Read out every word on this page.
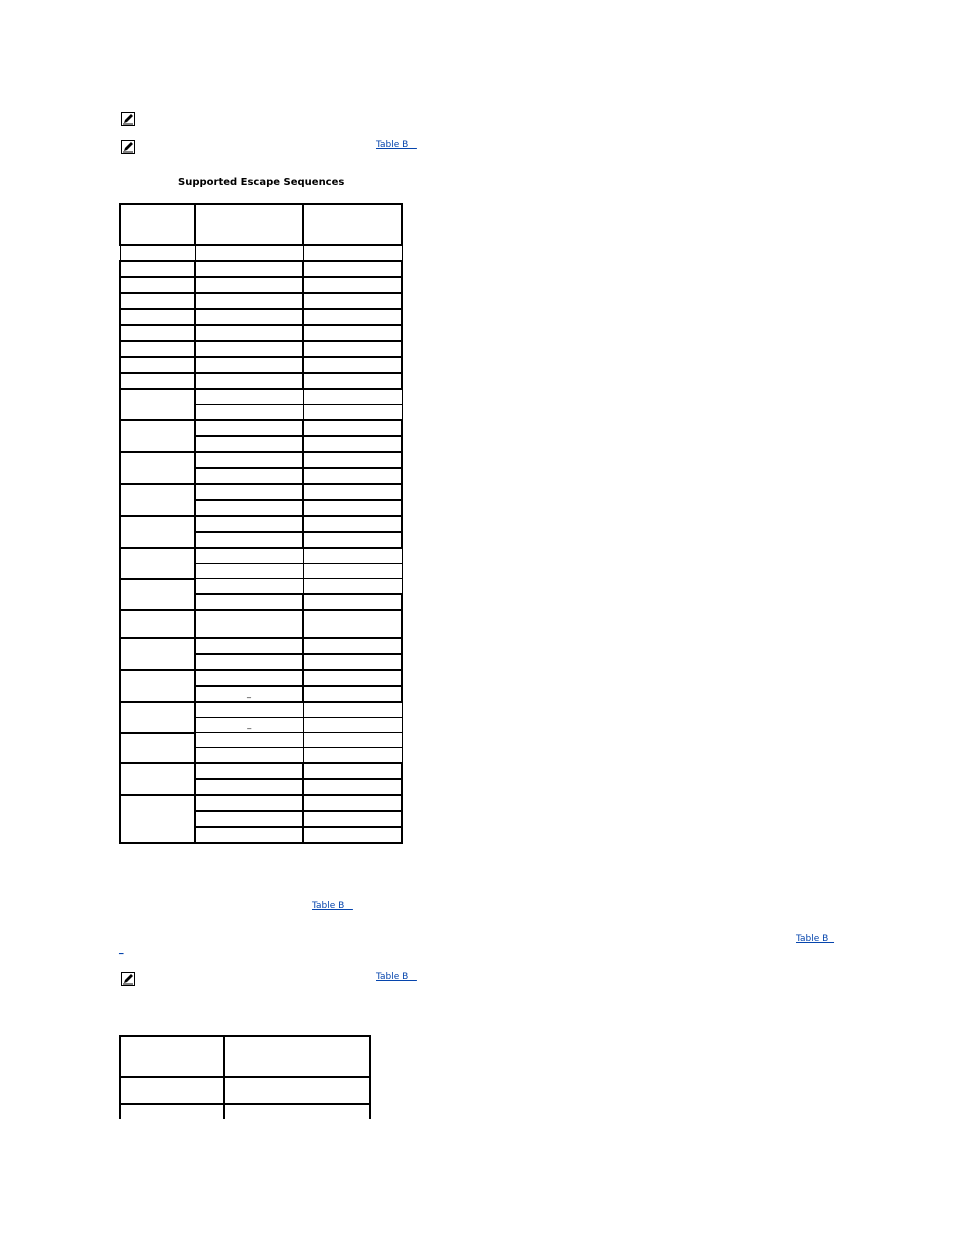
Table B
Supported Escape Sequences

	_	

	_	

Table B
Table B
_
Table B
